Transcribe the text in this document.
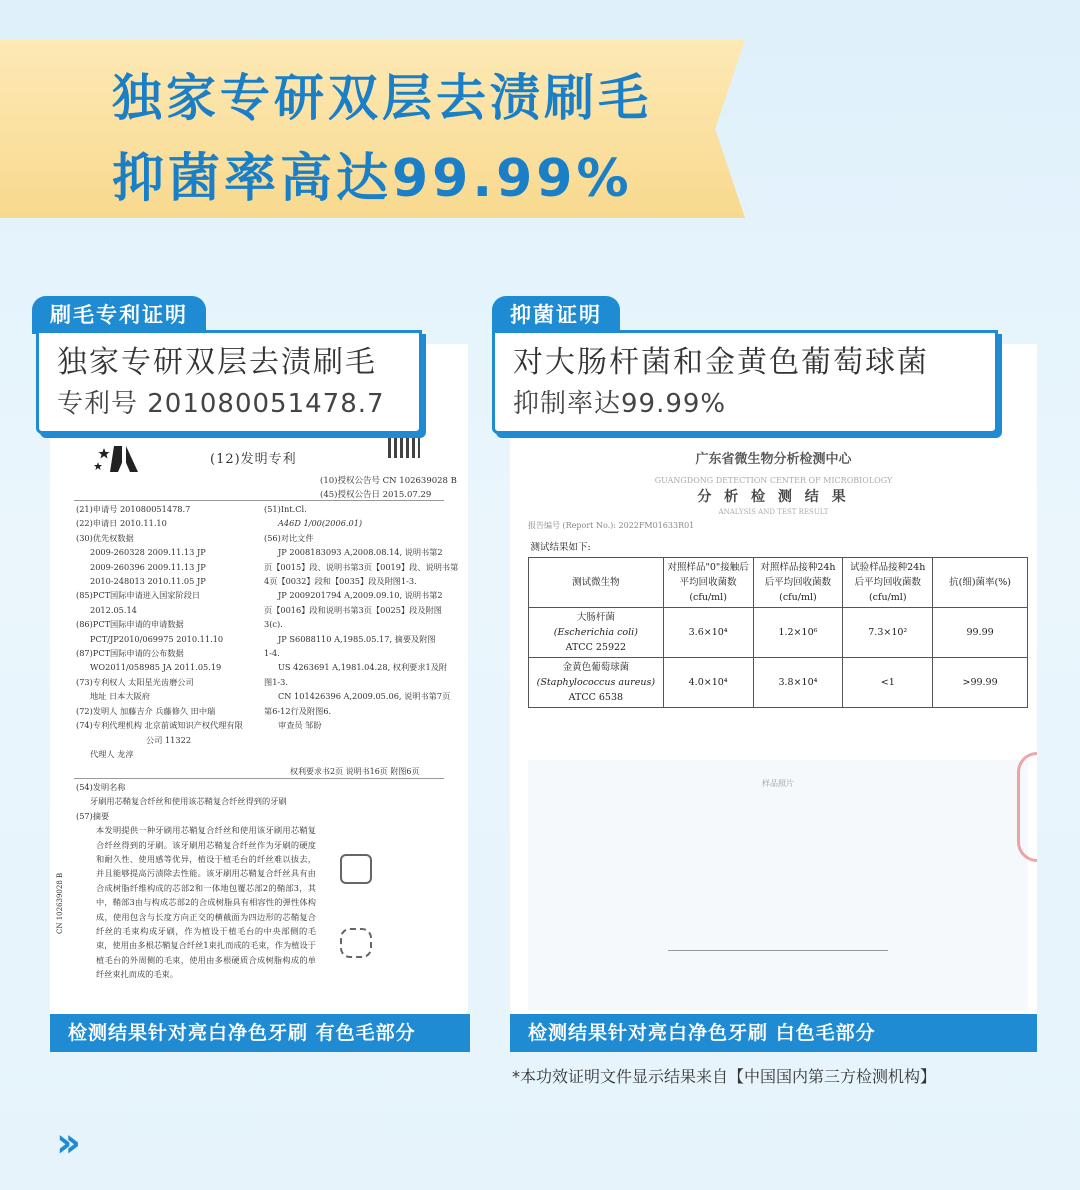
独家专研双层去渍刷毛
抑菌率高达99.99%
刷毛专利证明
(12)发明专利
(10)授权公告号 CN 102639028 B
(45)授权公告日 2015.07.29
(21)申请号 201080051478.7
(22)申请日 2010.11.10
(30)优先权数据
2009-260328 2009.11.13 JP
2009-260396 2009.11.13 JP
2010-248013 2010.11.05 JP
(85)PCT国际申请进入国家阶段日
2012.05.14
(86)PCT国际申请的申请数据
PCT/JP2010/069975 2010.11.10
(87)PCT国际申请的公布数据
WO2011/058985 JA 2011.05.19
(73)专利权人 太阳星光齿磨公司
地址 日本大阪府
(72)发明人 加藤吉介 兵藤修久 田中瑞
(74)专利代理机构 北京前诚知识产权代理有限
公司 11322
代理人 龙淳
(51)Int.Cl.
A46D 1/00(2006.01)
(56)对比文件
JP 2008183093 A,2008.08.14, 说明书第2
页【0015】段、说明书第3页【0019】段、说明书第
4页【0032】段和【0035】段及附图1-3.
JP 2009201794 A,2009.09.10, 说明书第2
页【0016】段和说明书第3页【0025】段及附图
3(c).
JP S6088110 A,1985.05.17, 摘要及附图
1-4.
US 4263691 A,1981.04.28, 权利要求1及附
图1-3.
CN 101426396 A,2009.05.06, 说明书第7页
第6-12行及附图6.
审查员 邹盼
权利要求书2页 说明书16页 附图6页
(54)发明名称
牙刷用芯鞘复合纤丝和使用该芯鞘复合纤丝得到的牙刷
(57)摘要
本发明提供一种牙刷用芯鞘复合纤丝和使用该牙刷用芯鞘复合纤丝得到的牙刷。该牙刷用芯鞘复合纤丝作为牙刷的硬度和耐久性、使用感等优异，植设于植毛台的纤丝难以拔去，并且能够提高污渍除去性能。该牙刷用芯鞘复合纤丝具有由合成树脂纤维构成的芯部2和一体地包覆芯部2的鞘部3，其中，鞘部3由与构成芯部2的合成树脂具有相容性的弹性体构成，使用包含与长度方向正交的横截面为四边形的芯鞘复合纤丝的毛束构成牙刷，作为植设于植毛台的中央部侧的毛束，使用由多根芯鞘复合纤丝1束扎而成的毛束，作为植设于植毛台的外周侧的毛束，使用由多根硬质合成树脂构成的单纤丝束扎而成的毛束。
CN 102639028 B
独家专研双层去渍刷毛
专利号 201080051478.7
检测结果针对亮白净色牙刷 有色毛部分
抑菌证明
广东省微生物分析检测中心
GUANGDONG DETECTION CENTER OF MICROBIOLOGY
分 析 检 测 结 果
ANALYSIS AND TEST RESULT
报告编号 (Report No.): 2022FM01633R01
测试结果如下:				
测试微生物	对照样品"0"接触后平均回收菌数(cfu/ml)	对照样品接种24h后平均回收菌数(cfu/ml)	试验样品接种24h后平均回收菌数(cfu/ml)	抗(细)菌率(%)

大肠杆菌
(Escherichia coli)
ATCC 25922	3.6×10⁴	1.2×10⁶	7.3×10²	99.99

金黄色葡萄球菌
(Staphylococcus aureus)
ATCC 6538	4.0×10⁴	3.8×10⁴	<1	>99.99
样品照片
对大肠杆菌和金黄色葡萄球菌
抑制率达99.99%
检测结果针对亮白净色牙刷 白色毛部分
*本功效证明文件显示结果来自【中国国内第三方检测机构】
››
